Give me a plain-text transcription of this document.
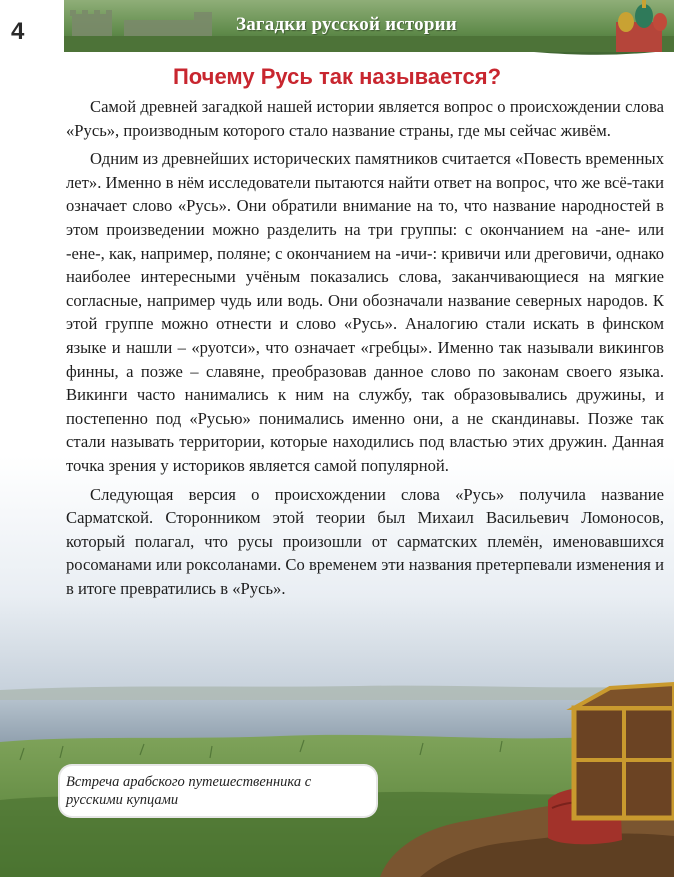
4	Загадки русской истории
Почему Русь так называется?

Самой древней загадкой нашей истории является вопрос о происхождении слова «Русь», производным которого стало название страны, где мы сейчас живём.

Одним из древнейших исторических памятников считается «Повесть временных лет». Именно в нём исследователи пытаются найти ответ на вопрос, что же всё-таки означает слово «Русь». Они обратили внимание на то, что название народностей в этом произведении можно разделить на три группы: с окончанием на -ане- или -ене-, как, например, поляне; с окончанием на -ичи-: кривичи или дреговичи, однако наиболее интересными учёным показались слова, заканчивающиеся на мягкие согласные, например чудь или водь. Они обозначали название северных народов. К этой группе можно отнести и слово «Русь». Аналогию стали искать в финском языке и нашли – «руотси», что означает «гребцы». Именно так называли викингов финны, а позже – славяне, преобразовав данное слово по законам своего языка. Викинги часто нанимались к ним на службу, так образовывались дружины, и постепенно под «Русью» понимались именно они, а не скандинавы. Позже так стали называть территории, которые находились под властью этих дружин. Данная точка зрения у историков является самой популярной.

Следующая версия о происхождении слова «Русь» получила название Сарматской. Сторонником этой теории был Михаил Васильевич Ломоносов, который полагал, что русы произошли от сарматских племён, именовавшихся росоманами или роксоланами. Со временем эти названия претерпевали изменения и в итоге превратились в «Русь».

Встреча арабского путешественника с русскими купцами
